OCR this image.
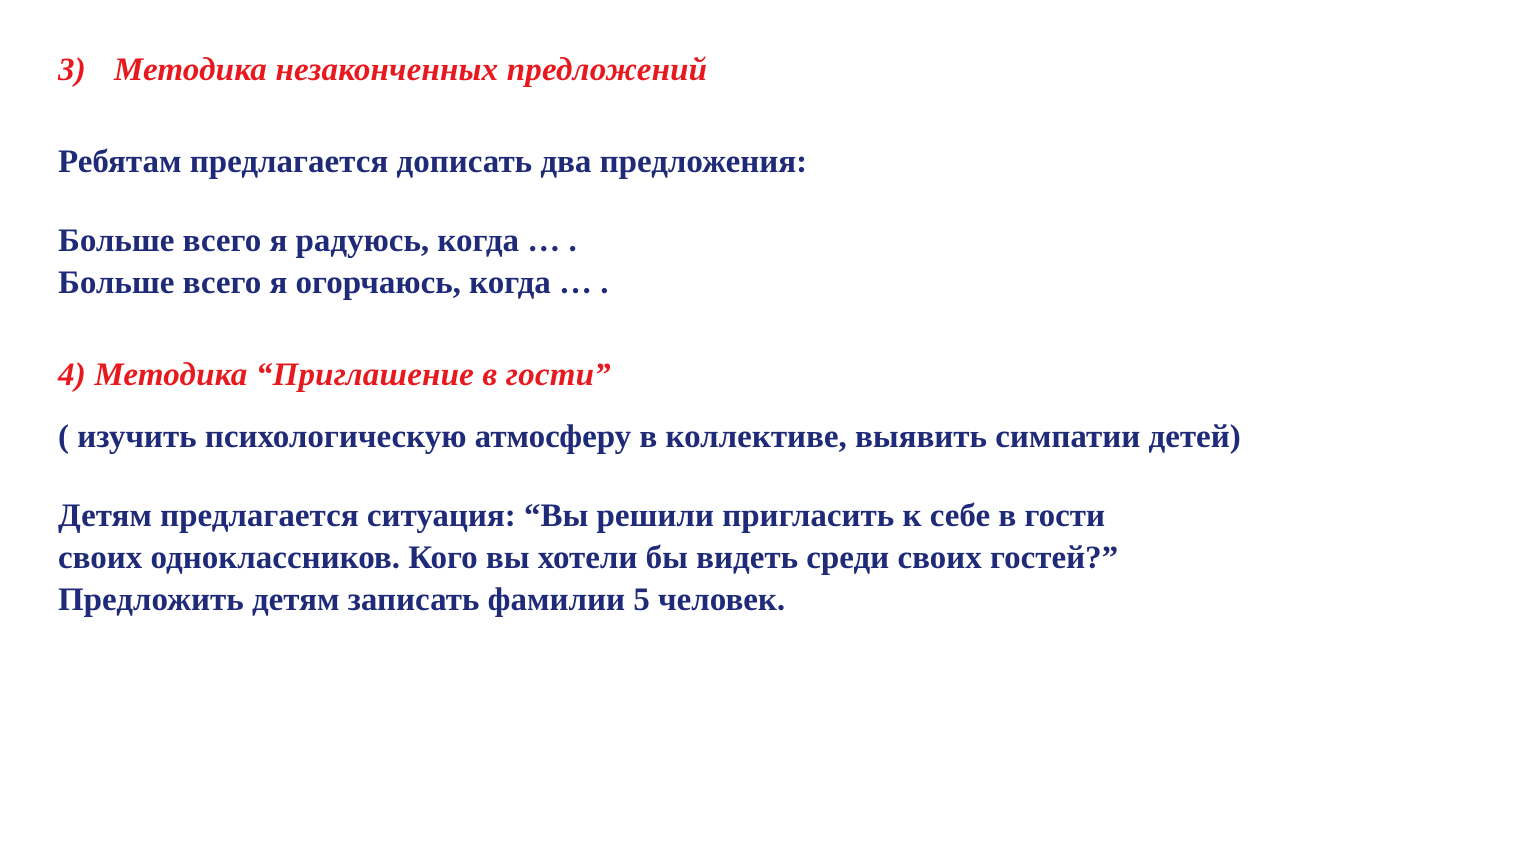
3) Методика незаконченных предложений

Ребятам предлагается дописать два предложения:

Больше всего я радуюсь, когда … .

Больше всего я огорчаюсь, когда … .

4) Методика “Приглашение в гости”

( изучить психологическую атмосферу в коллективе, выявить симпатии детей)

Детям предлагается ситуация: “Вы решили пригласить к себе в гости

своих одноклассников. Кого вы хотели бы видеть среди своих гостей?”

Предложить детям записать фамилии 5 человек.
